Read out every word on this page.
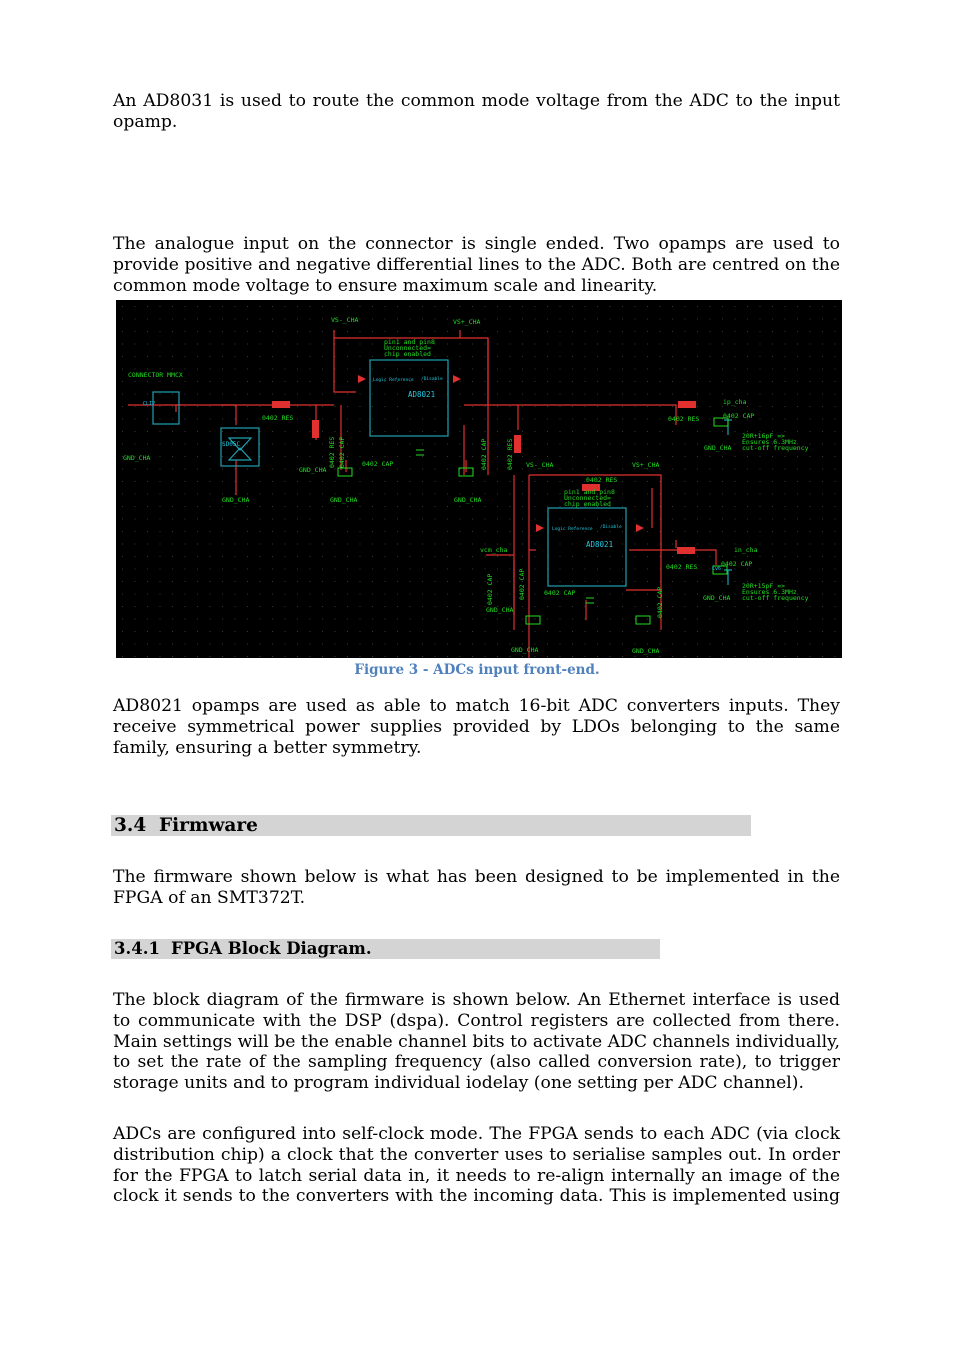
An AD8031 is used to route the common mode voltage from the ADC to the input opamp.

The analogue input on the connector is single ended. Two opamps are used to provide positive and negative differential lines to the ADC. Both are centred on the common mode voltage to ensure maximum scale and linearity.

VS-_CHA	VS+_CHA
CONNECTOR MMCX
pin1 and pin8
Unconnected=
chip enabled
0402 RES
GND_CHA
GND_CHA
GND_CHA
GND_CHA	GND_CHA
0402 CAP
ip_cha
0402 RES	0402 CAP
20R+16pF =>
Ensures 6.3MHz
cut-off frequency
GND_CHA
VS-_CHA	VS+_CHA
0402 RES
pin1 and pin8
Unconnected=
chip enabled
vcm_cha	in_cha
0402 RES	0402 CAP
20R+15pF =>
Ensures 6.3MHz
cut-off frequency
GND_CHA
0402 CAP
GND_CHA
GND_CHA	GND_CHA
0402 RES 0402 CAP	0402 CAP	0402 RES
0402 CAP	0402 CAP
0402 CAP
AD8021
Logic Reference /Disable
AD8021
Logic Reference /Disable
SD05C
CLIP
Cv6
Figure 3 - ADCs input front-end.

AD8021 opamps are used as able to match 16-bit ADC converters inputs. They receive symmetrical power supplies provided by LDOs belonging to the same family, ensuring a better symmetry.

3.4 Firmware

The firmware shown below is what has been designed to be implemented in the FPGA of an SMT372T.

3.4.1 FPGA Block Diagram.

The block diagram of the firmware is shown below. An Ethernet interface is used to communicate with the DSP (dspa). Control registers are collected from there. Main settings will be the enable channel bits to activate ADC channels individually, to set the rate of the sampling frequency (also called conversion rate), to trigger storage units and to program individual iodelay (one setting per ADC channel).

ADCs are configured into self-clock mode. The FPGA sends to each ADC (via clock distribution chip) a clock that the converter uses to serialise samples out. In order for the FPGA to latch serial data in, it needs to re-align internally an image of the clock it sends to the converters with the incoming data. This is implemented using
